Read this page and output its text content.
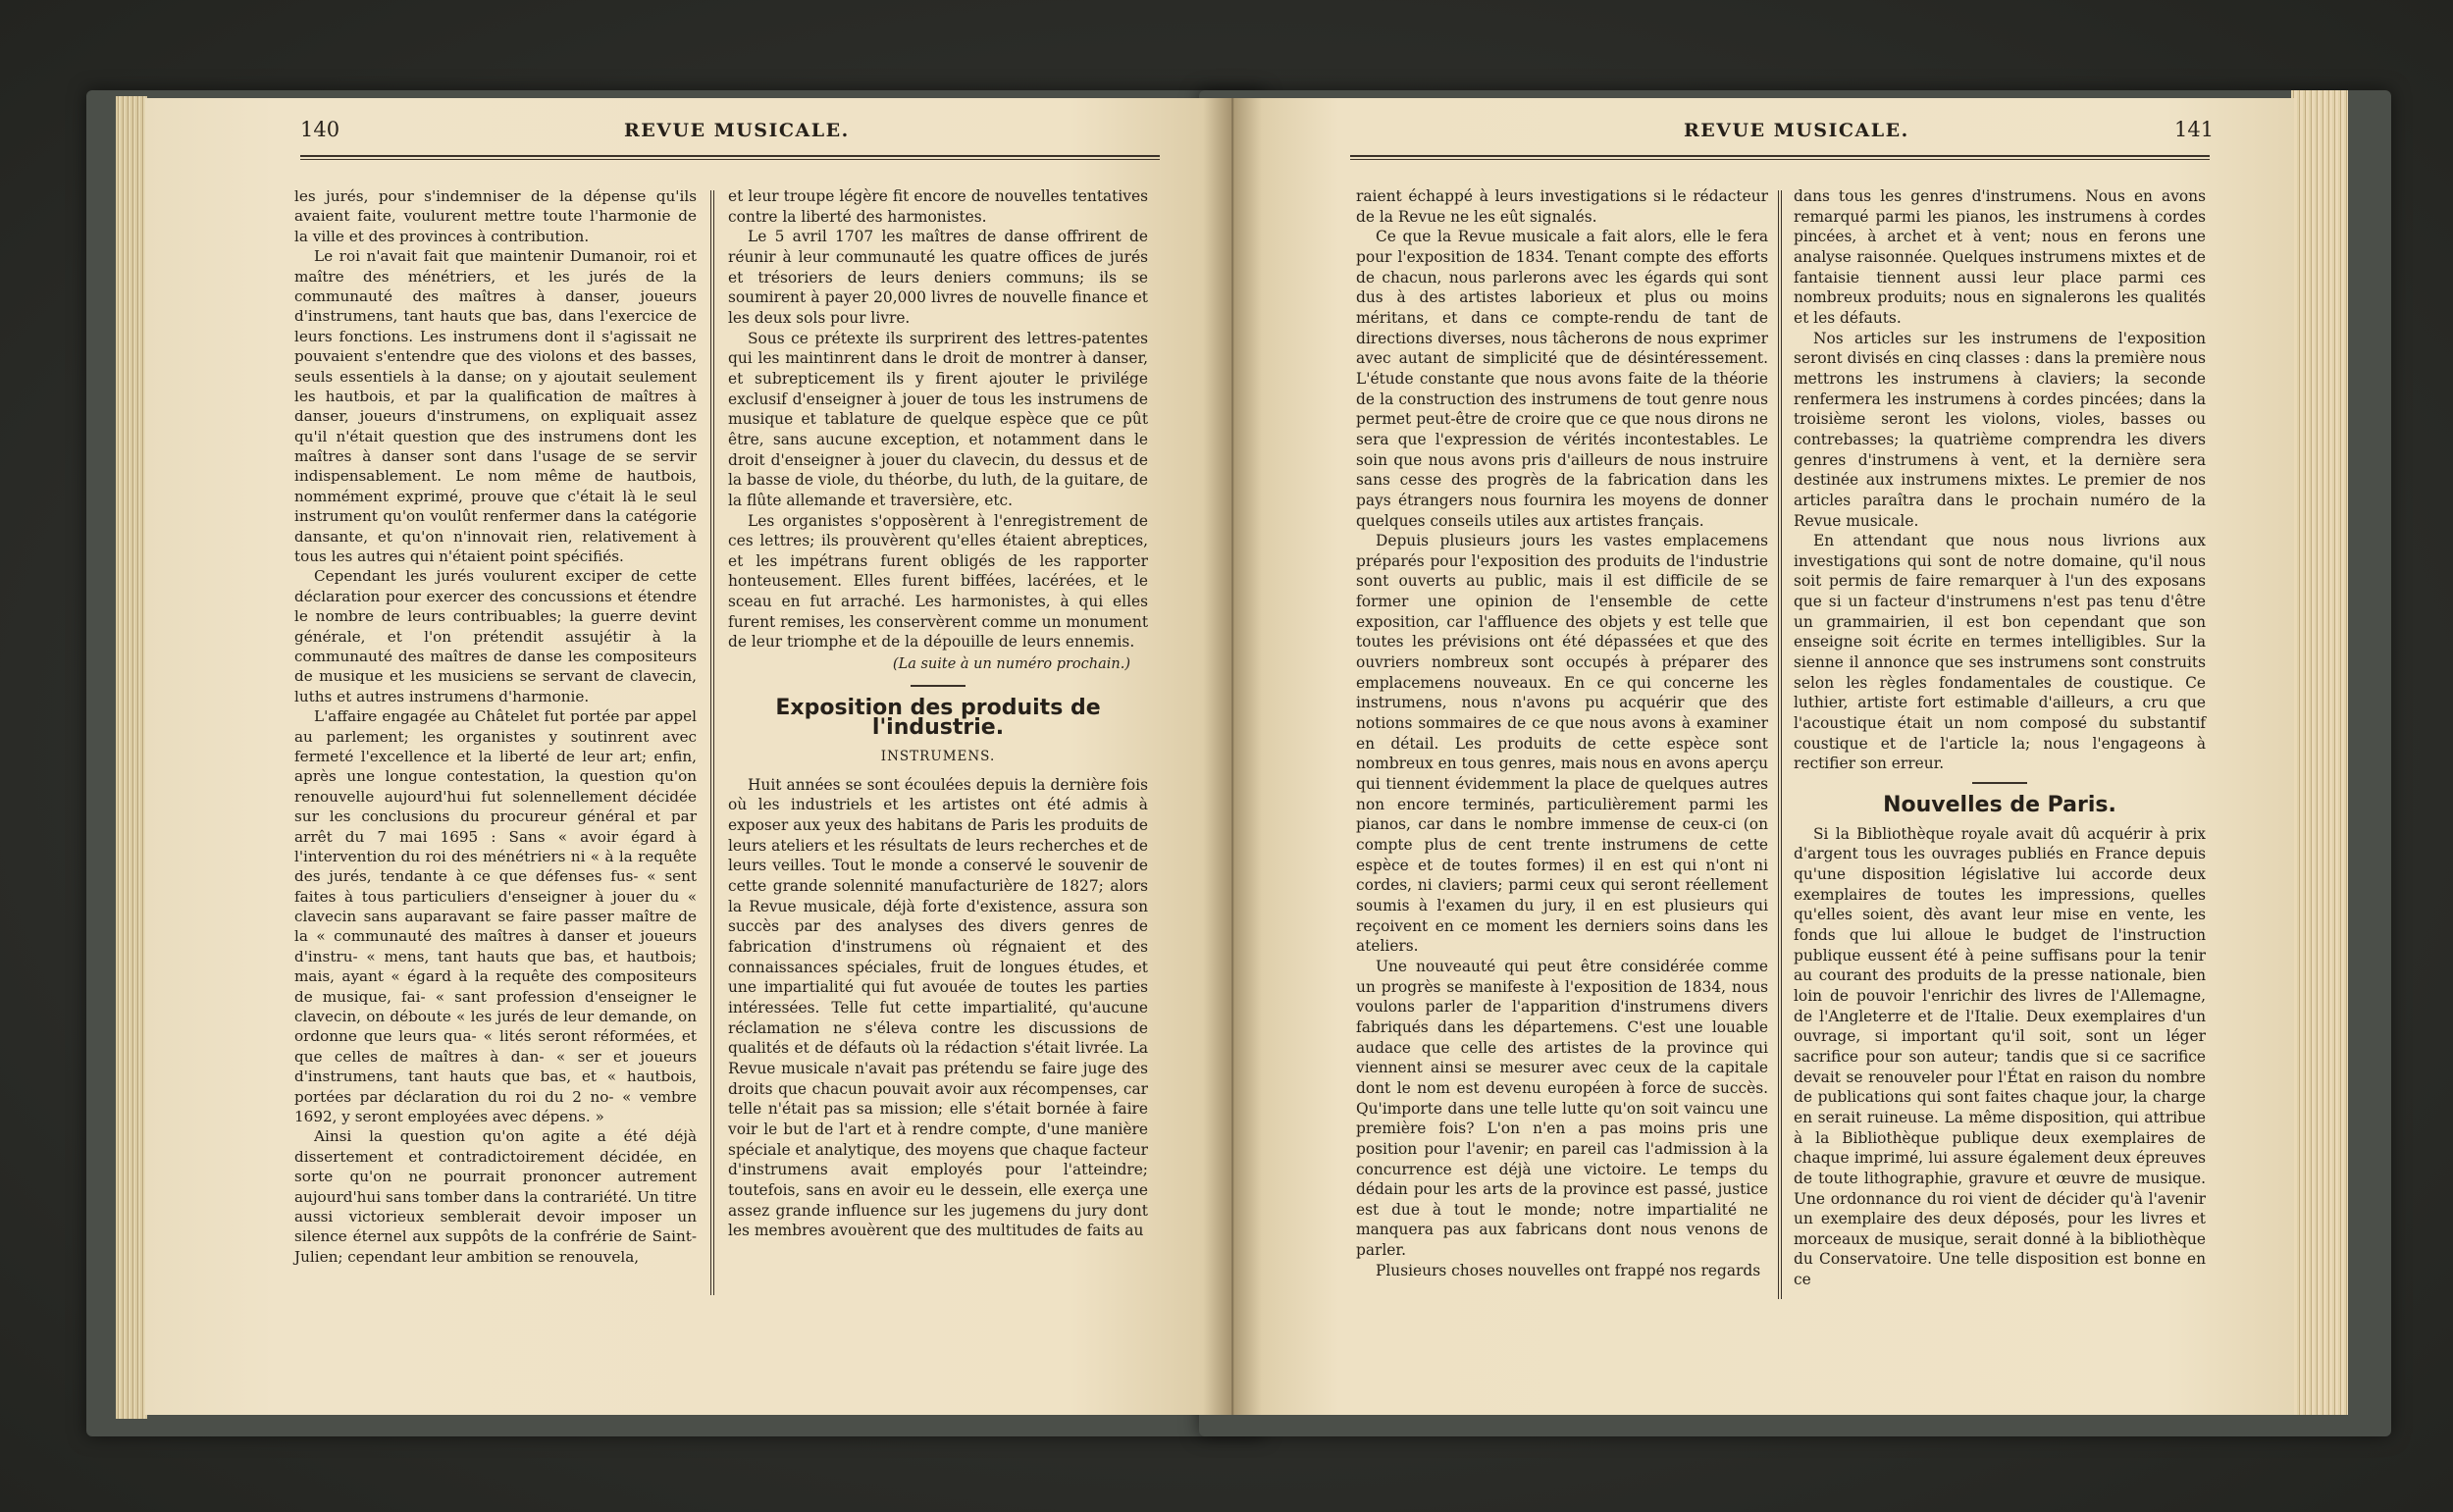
140	REVUE MUSICALE.

les jurés, pour s'indemniser de la dépense qu'ils avaient faite, voulurent mettre toute l'harmonie de la ville et des provinces à contribution.

Le roi n'avait fait que maintenir Dumanoir, roi et maître des ménétriers, et les jurés de la communauté des maîtres à danser, joueurs d'instrumens, tant hauts que bas, dans l'exercice de leurs fonctions. Les instrumens dont il s'agissait ne pouvaient s'entendre que des violons et des basses, seuls essentiels à la danse; on y ajoutait seulement les hautbois, et par la qualification de maîtres à danser, joueurs d'instrumens, on expliquait assez qu'il n'était question que des instrumens dont les maîtres à danser sont dans l'usage de se servir indispensablement. Le nom même de hautbois, nommément exprimé, prouve que c'était là le seul instrument qu'on voulût renfermer dans la catégorie dansante, et qu'on n'innovait rien, relativement à tous les autres qui n'étaient point spécifiés.

Cependant les jurés voulurent exciper de cette déclaration pour exercer des concussions et étendre le nombre de leurs contribuables; la guerre devint générale, et l'on prétendit assujétir à la communauté des maîtres de danse les compositeurs de musique et les musiciens se servant de clavecin, luths et autres instrumens d'harmonie.

L'affaire engagée au Châtelet fut portée par appel au parlement; les organistes y soutinrent avec fermeté l'excellence et la liberté de leur art; enfin, après une longue contestation, la question qu'on renouvelle aujourd'hui fut solennellement décidée sur les conclusions du procureur général et par arrêt du 7 mai 1695 : Sans « avoir égard à l'intervention du roi des ménétriers ni « à la requête des jurés, tendante à ce que défenses fus- « sent faites à tous particuliers d'enseigner à jouer du « clavecin sans auparavant se faire passer maître de la « communauté des maîtres à danser et joueurs d'instru- « mens, tant hauts que bas, et hautbois; mais, ayant « égard à la requête des compositeurs de musique, fai- « sant profession d'enseigner le clavecin, on déboute « les jurés de leur demande, on ordonne que leurs qua- « lités seront réformées, et que celles de maîtres à dan- « ser et joueurs d'instrumens, tant hauts que bas, et « hautbois, portées par déclaration du roi du 2 no- « vembre 1692, y seront employées avec dépens. »

Ainsi la question qu'on agite a été déjà dissertement et contradictoirement décidée, en sorte qu'on ne pourrait prononcer autrement aujourd'hui sans tomber dans la contrariété. Un titre aussi victorieux semblerait devoir imposer un silence éternel aux suppôts de la confrérie de Saint-Julien; cependant leur ambition se renouvela,

et leur troupe légère fit encore de nouvelles tentatives contre la liberté des harmonistes.

Le 5 avril 1707 les maîtres de danse offrirent de réunir à leur communauté les quatre offices de jurés et trésoriers de leurs deniers communs; ils se soumirent à payer 20,000 livres de nouvelle finance et les deux sols pour livre.

Sous ce prétexte ils surprirent des lettres-patentes qui les maintinrent dans le droit de montrer à danser, et subrepticement ils y firent ajouter le privilége exclusif d'enseigner à jouer de tous les instrumens de musique et tablature de quelque espèce que ce pût être, sans aucune exception, et notamment dans le droit d'enseigner à jouer du clavecin, du dessus et de la basse de viole, du théorbe, du luth, de la guitare, de la flûte allemande et traversière, etc.

Les organistes s'opposèrent à l'enregistrement de ces lettres; ils prouvèrent qu'elles étaient abreptices, et les impétrans furent obligés de les rapporter honteusement. Elles furent biffées, lacérées, et le sceau en fut arraché. Les harmonistes, à qui elles furent remises, les conservèrent comme un monument de leur triomphe et de la dépouille de leurs ennemis.

(La suite à un numéro prochain.)
Exposition des produits de l'industrie.
INSTRUMENS.

Huit années se sont écoulées depuis la dernière fois où les industriels et les artistes ont été admis à exposer aux yeux des habitans de Paris les produits de leurs ateliers et les résultats de leurs recherches et de leurs veilles. Tout le monde a conservé le souvenir de cette grande solennité manufacturière de 1827; alors la Revue musicale, déjà forte d'existence, assura son succès par des analyses des divers genres de fabrication d'instrumens où régnaient et des connaissances spéciales, fruit de longues études, et une impartialité qui fut avouée de toutes les parties intéressées. Telle fut cette impartialité, qu'aucune réclamation ne s'éleva contre les discussions de qualités et de défauts où la rédaction s'était livrée. La Revue musicale n'avait pas prétendu se faire juge des droits que chacun pouvait avoir aux récompenses, car telle n'était pas sa mission; elle s'était bornée à faire voir le but de l'art et à rendre compte, d'une manière spéciale et analytique, des moyens que chaque facteur d'instrumens avait employés pour l'atteindre; toutefois, sans en avoir eu le dessein, elle exerça une assez grande influence sur les jugemens du jury dont les membres avouèrent que des multitudes de faits au

REVUE MUSICALE.	141

raient échappé à leurs investigations si le rédacteur de la Revue ne les eût signalés.

Ce que la Revue musicale a fait alors, elle le fera pour l'exposition de 1834. Tenant compte des efforts de chacun, nous parlerons avec les égards qui sont dus à des artistes laborieux et plus ou moins méritans, et dans ce compte-rendu de tant de directions diverses, nous tâcherons de nous exprimer avec autant de simplicité que de désintéressement. L'étude constante que nous avons faite de la théorie de la construction des instrumens de tout genre nous permet peut-être de croire que ce que nous dirons ne sera que l'expression de vérités incontestables. Le soin que nous avons pris d'ailleurs de nous instruire sans cesse des progrès de la fabrication dans les pays étrangers nous fournira les moyens de donner quelques conseils utiles aux artistes français.

Depuis plusieurs jours les vastes emplacemens préparés pour l'exposition des produits de l'industrie sont ouverts au public, mais il est difficile de se former une opinion de l'ensemble de cette exposition, car l'affluence des objets y est telle que toutes les prévisions ont été dépassées et que des ouvriers nombreux sont occupés à préparer des emplacemens nouveaux. En ce qui concerne les instrumens, nous n'avons pu acquérir que des notions sommaires de ce que nous avons à examiner en détail. Les produits de cette espèce sont nombreux en tous genres, mais nous en avons aperçu qui tiennent évidemment la place de quelques autres non encore terminés, particulièrement parmi les pianos, car dans le nombre immense de ceux-ci (on compte plus de cent trente instrumens de cette espèce et de toutes formes) il en est qui n'ont ni cordes, ni claviers; parmi ceux qui seront réellement soumis à l'examen du jury, il en est plusieurs qui reçoivent en ce moment les derniers soins dans les ateliers.

Une nouveauté qui peut être considérée comme un progrès se manifeste à l'exposition de 1834, nous voulons parler de l'apparition d'instrumens divers fabriqués dans les départemens. C'est une louable audace que celle des artistes de la province qui viennent ainsi se mesurer avec ceux de la capitale dont le nom est devenu européen à force de succès. Qu'importe dans une telle lutte qu'on soit vaincu une première fois? L'on n'en a pas moins pris une position pour l'avenir; en pareil cas l'admission à la concurrence est déjà une victoire. Le temps du dédain pour les arts de la province est passé, justice est due à tout le monde; notre impartialité ne manquera pas aux fabricans dont nous venons de parler.

Plusieurs choses nouvelles ont frappé nos regards

dans tous les genres d'instrumens. Nous en avons remarqué parmi les pianos, les instrumens à cordes pincées, à archet et à vent; nous en ferons une analyse raisonnée. Quelques instrumens mixtes et de fantaisie tiennent aussi leur place parmi ces nombreux produits; nous en signalerons les qualités et les défauts.

Nos articles sur les instrumens de l'exposition seront divisés en cinq classes : dans la première nous mettrons les instrumens à claviers; la seconde renfermera les instrumens à cordes pincées; dans la troisième seront les violons, violes, basses ou contrebasses; la quatrième comprendra les divers genres d'instrumens à vent, et la dernière sera destinée aux instrumens mixtes. Le premier de nos articles paraîtra dans le prochain numéro de la Revue musicale.

En attendant que nous nous livrions aux investigations qui sont de notre domaine, qu'il nous soit permis de faire remarquer à l'un des exposans que si un facteur d'instrumens n'est pas tenu d'être un grammairien, il est bon cependant que son enseigne soit écrite en termes intelligibles. Sur la sienne il annonce que ses instrumens sont construits selon les règles fondamentales de coustique. Ce luthier, artiste fort estimable d'ailleurs, a cru que l'acoustique était un nom composé du substantif coustique et de l'article la; nous l'engageons à rectifier son erreur.

Nouvelles de Paris.

Si la Bibliothèque royale avait dû acquérir à prix d'argent tous les ouvrages publiés en France depuis qu'une disposition législative lui accorde deux exemplaires de toutes les impressions, quelles qu'elles soient, dès avant leur mise en vente, les fonds que lui alloue le budget de l'instruction publique eussent été à peine suffisans pour la tenir au courant des produits de la presse nationale, bien loin de pouvoir l'enrichir des livres de l'Allemagne, de l'Angleterre et de l'Italie. Deux exemplaires d'un ouvrage, si important qu'il soit, sont un léger sacrifice pour son auteur; tandis que si ce sacrifice devait se renouveler pour l'État en raison du nombre de publications qui sont faites chaque jour, la charge en serait ruineuse. La même disposition, qui attribue à la Bibliothèque publique deux exemplaires de chaque imprimé, lui assure également deux épreuves de toute lithographie, gravure et œuvre de musique. Une ordonnance du roi vient de décider qu'à l'avenir un exemplaire des deux déposés, pour les livres et morceaux de musique, serait donné à la bibliothèque du Conservatoire. Une telle disposition est bonne en ce
